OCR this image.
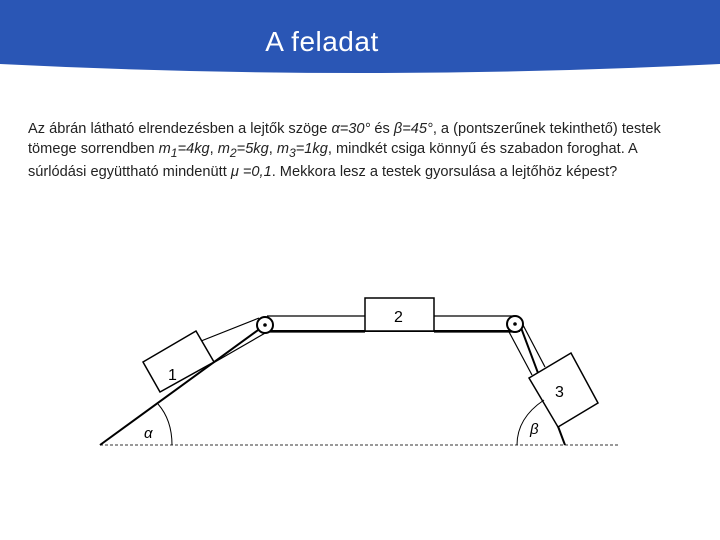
A feladat
Az ábrán látható elrendezésben a lejtők szöge α=30° és β=45°, a (pontszerűnek tekinthető) testek tömege sorrendben $m_1=4kg$, $m_2=5kg$, $m_3=1kg$, mindkét csiga könnyű és szabadon foroghat. A súrlódási együttható mindenütt μ =0,1. Mekkora lesz a testek gyorsulása a lejtőhöz képest?
1
2
3
α	β
